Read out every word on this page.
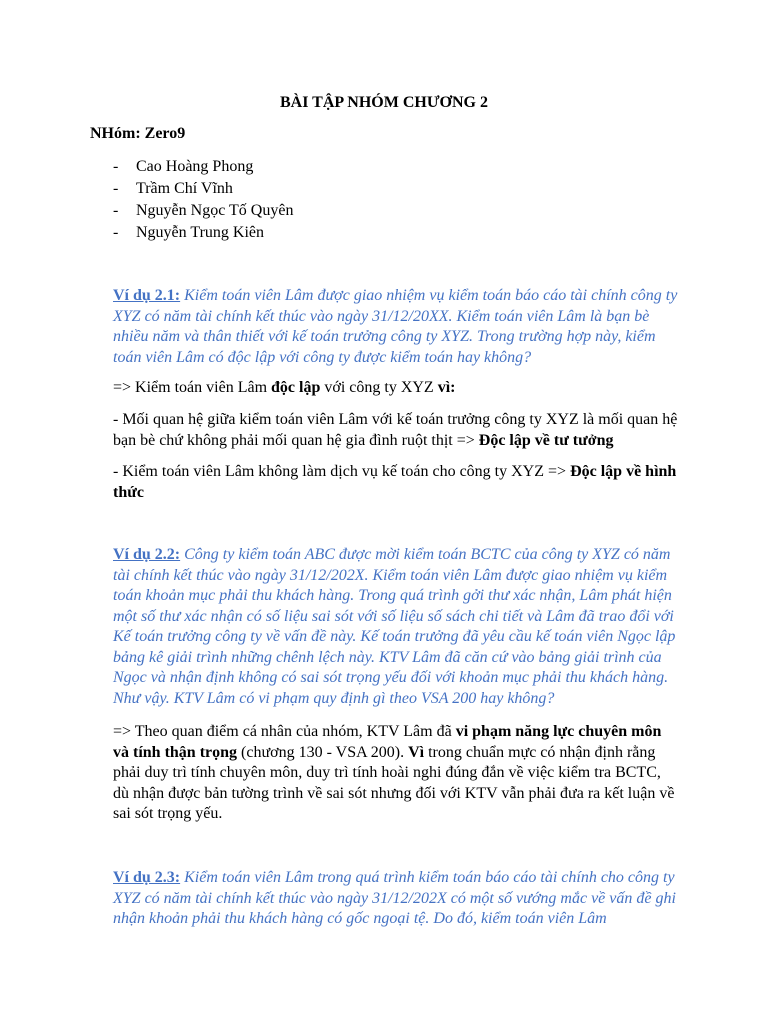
BÀI TẬP NHÓM CHƯƠNG 2

NHóm: Zero9

- Cao Hoàng Phong
- Trầm Chí Vĩnh
- Nguyễn Ngọc Tố Quyên
- Nguyễn Trung Kiên

Ví dụ 2.1: Kiểm toán viên Lâm được giao nhiệm vụ kiểm toán báo cáo tài chính công ty XYZ có năm tài chính kết thúc vào ngày 31/12/20XX. Kiểm toán viên Lâm là bạn bè nhiều năm và thân thiết với kế toán trưởng công ty XYZ. Trong trường hợp này, kiểm toán viên Lâm có độc lập với công ty được kiểm toán hay không?

=> Kiểm toán viên Lâm độc lập với công ty XYZ vì:

- Mối quan hệ giữa kiểm toán viên Lâm với kế toán trưởng công ty XYZ là mối quan hệ bạn bè chứ không phải mối quan hệ gia đình ruột thịt => Độc lập về tư tưởng

- Kiểm toán viên Lâm không làm dịch vụ kế toán cho công ty XYZ => Độc lập về hình thức

Ví dụ 2.2: Công ty kiểm toán ABC được mời kiểm toán BCTC của công ty XYZ có năm tài chính kết thúc vào ngày 31/12/202X. Kiểm toán viên Lâm được giao nhiệm vụ kiểm toán khoản mục phải thu khách hàng. Trong quá trình gởi thư xác nhận, Lâm phát hiện một số thư xác nhận có số liệu sai sót với số liệu số sách chi tiết và Lâm đã trao đổi với Kế toán trưởng công ty về vấn đề này. Kế toán trưởng đã yêu cầu kế toán viên Ngọc lập bảng kê giải trình những chênh lệch này. KTV Lâm đã căn cứ vào bảng giải trình của Ngọc và nhận định không có sai sót trọng yếu đối với khoản mục phải thu khách hàng. Như vậy. KTV Lâm có vi phạm quy định gì theo VSA 200 hay không?

=> Theo quan điểm cá nhân của nhóm, KTV Lâm đã vi phạm năng lực chuyên môn và tính thận trọng (chương 130 - VSA 200). Vì trong chuẩn mực có nhận định rằng phải duy trì tính chuyên môn, duy trì tính hoài nghi đúng đắn về việc kiểm tra BCTC, dù nhận được bản tường trình về sai sót nhưng đối với KTV vẫn phải đưa ra kết luận về sai sót trọng yếu.

Ví dụ 2.3: Kiểm toán viên Lâm trong quá trình kiểm toán báo cáo tài chính cho công ty XYZ có năm tài chính kết thúc vào ngày 31/12/202X có một số vướng mắc về vấn đề ghi nhận khoản phải thu khách hàng có gốc ngoại tệ. Do đó, kiểm toán viên Lâm
